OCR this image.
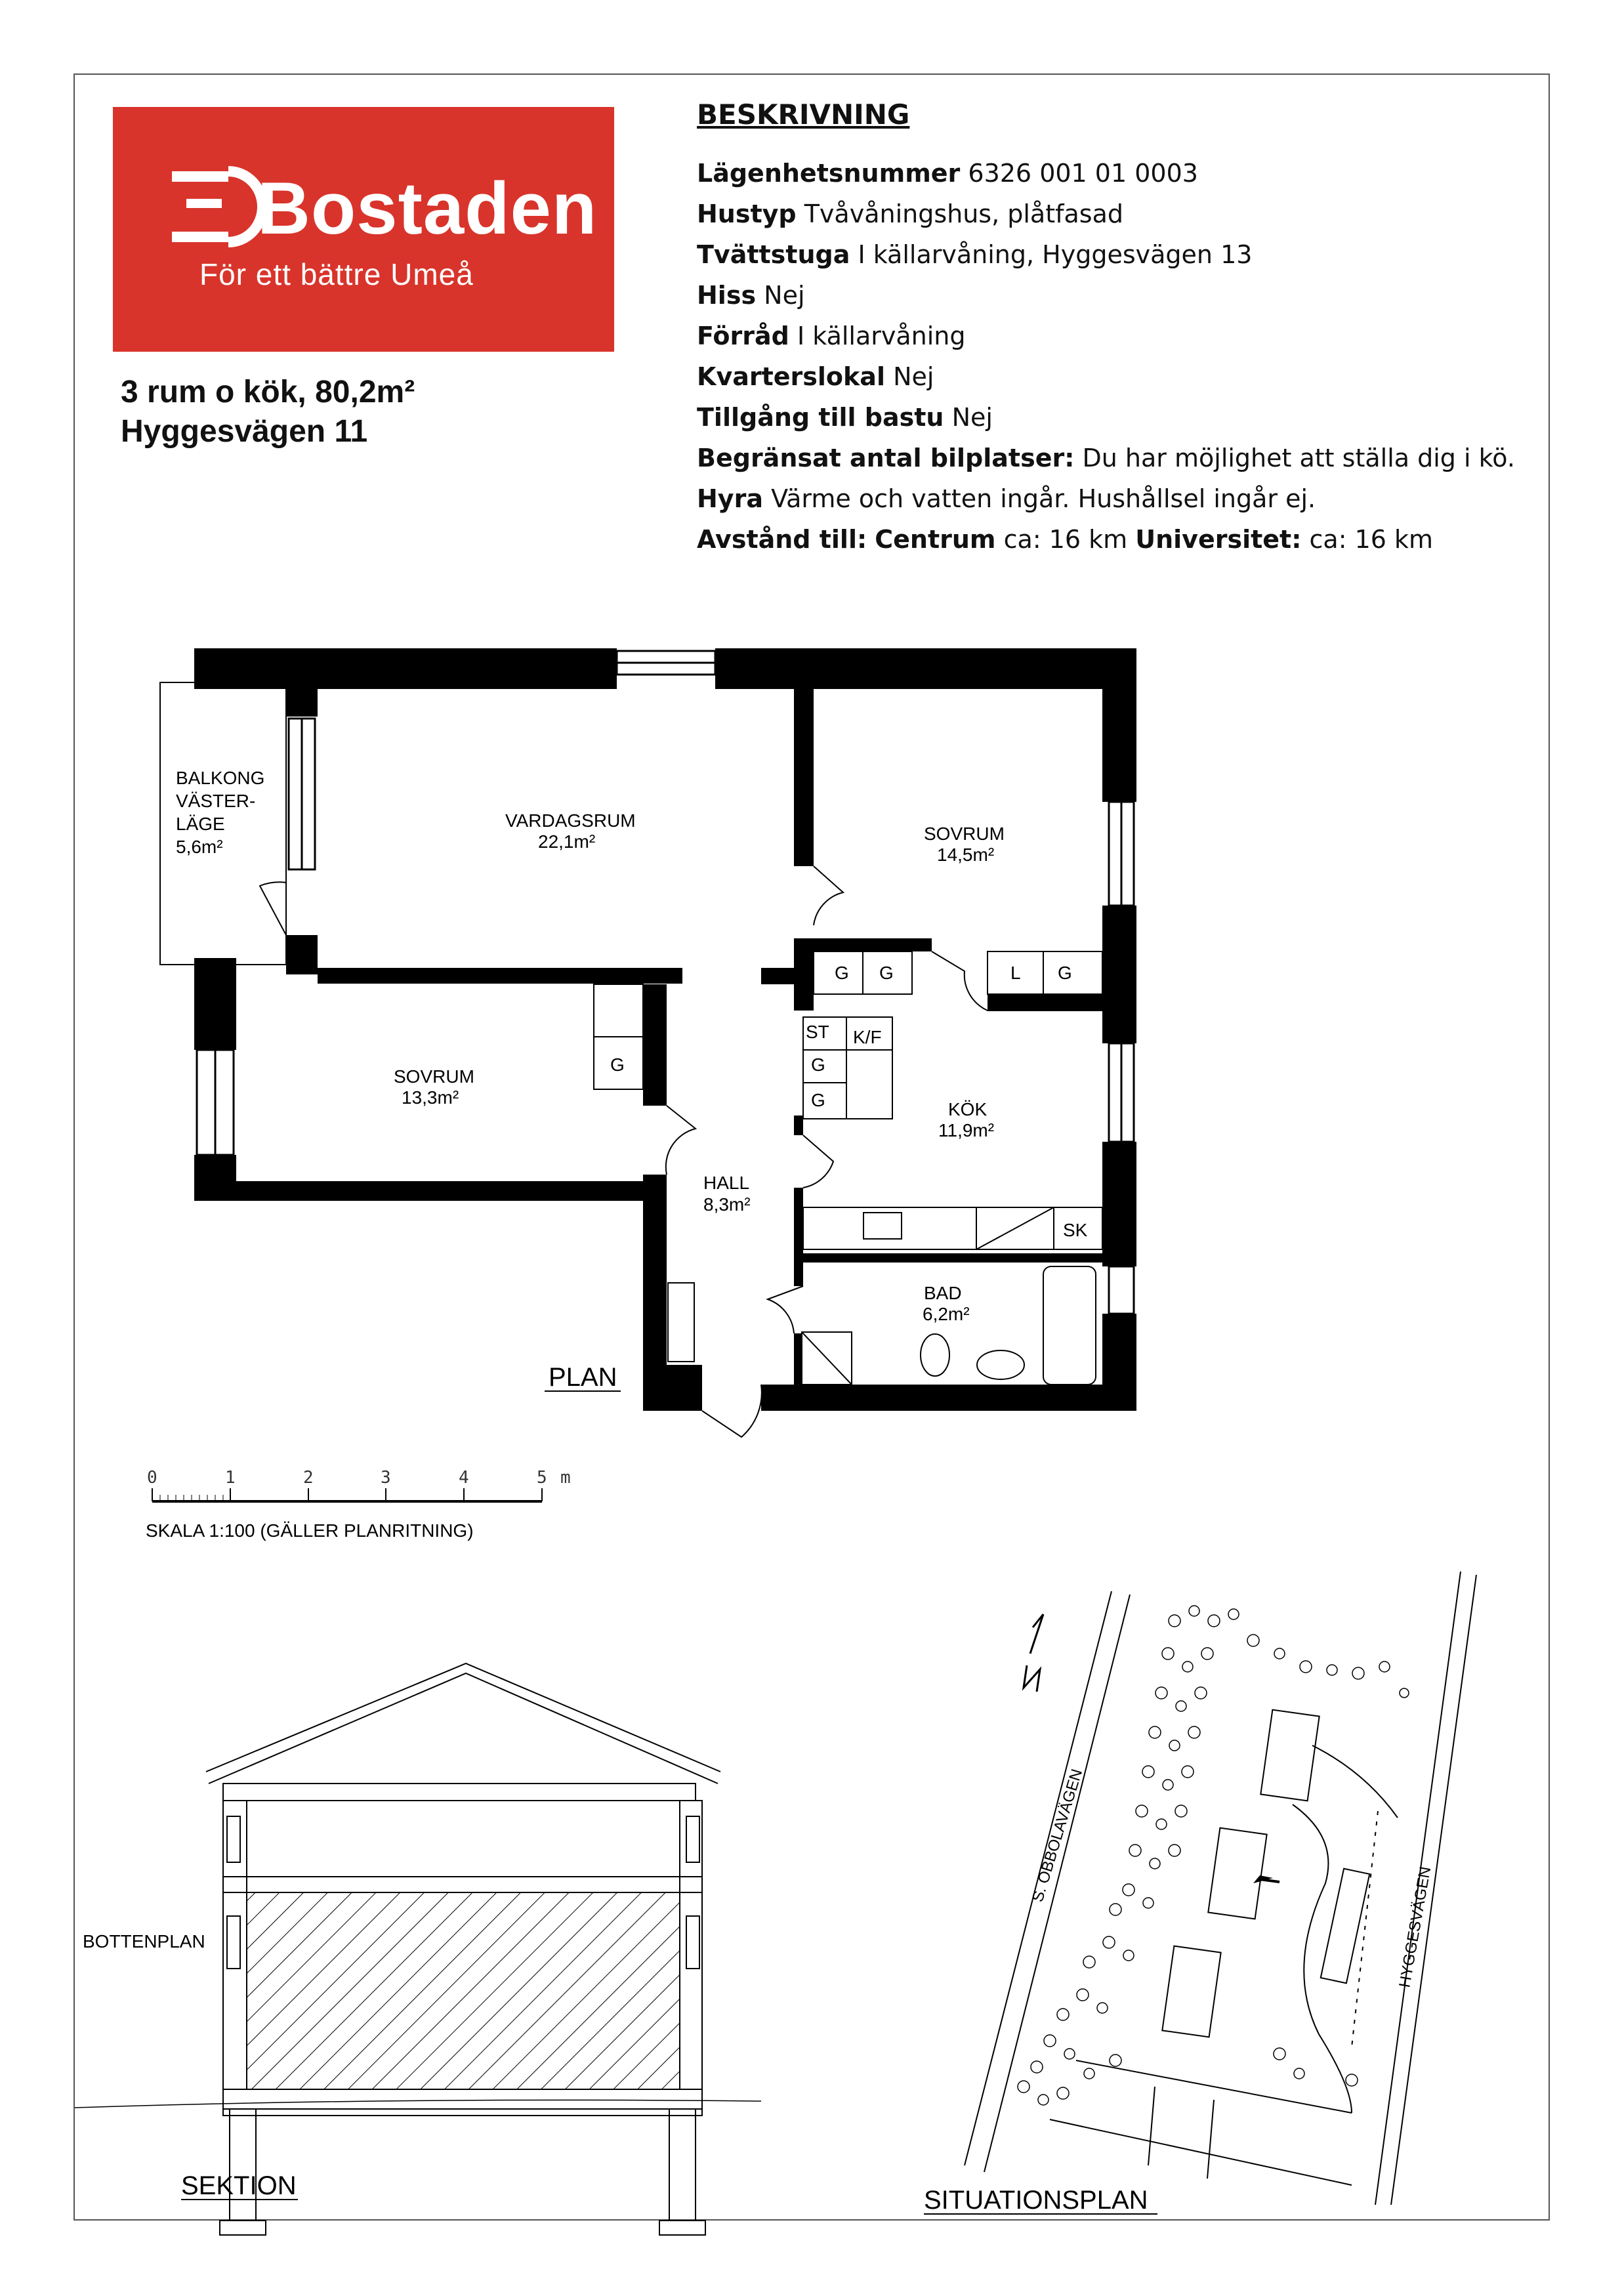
Bostaden
För ett bättre Umeå
3 rum o kök, 80,2m²
Hyggesvägen 11
BESKRIVNING
Lägenhetsnummer 6326 001 01 0003
Hustyp Tvåvåningshus, plåtfasad
Tvättstuga I källarvåning, Hyggesvägen 13
Hiss Nej
Förråd I källarvåning
Kvarterslokal Nej
Tillgång till bastu Nej
Begränsat antal bilplatser: Du har möjlighet att ställa dig i kö.
Hyra Värme och vatten ingår. Hushållsel ingår ej.
Avstånd till: Centrum ca: 16 km Universitet: ca: 16 km
BALKONG
VÄSTER-
LÄGE
5,6m²
VARDAGSRUM
22,1m²	SOVRUM
14,5m²
SOVRUM
13,3m²
KÖK
11,9m²
HALL
8,3m²
BAD
6,2m²
G G	L G
G
ST K/F
G
G
SK
PLAN
0	1	2	3	4	5 m
SKALA 1:100 (GÄLLER PLANRITNING)
BOTTENPLAN
SEKTION
S. OBBOLAVÄGEN
HYGGESVÄGEN
SITUATIONSPLAN
